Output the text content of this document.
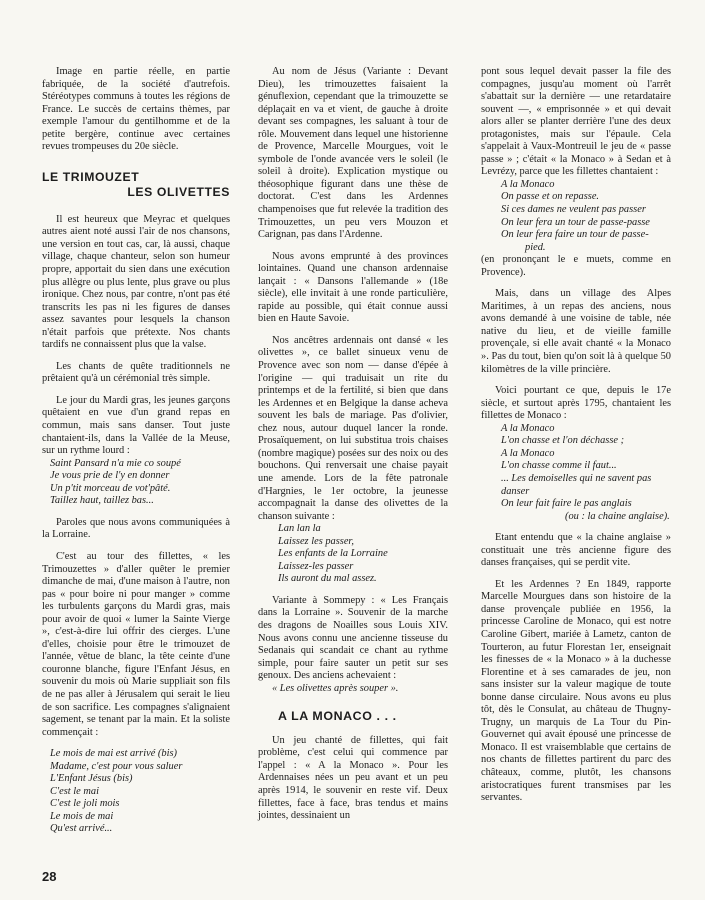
Image en partie réelle, en partie fabriquée, de la société d'autrefois. Stéréotypes communs à toutes les régions de France. Le succès de certains thèmes, par exemple l'amour du gentilhomme et de la petite bergère, continue avec certaines revues trompeuses du 20e siècle.

LE TRIMOUZET
LES OLIVETTES

Il est heureux que Meyrac et quelques autres aient noté aussi l'air de nos chansons, une version en tout cas, car, là aussi, chaque village, chaque chanteur, selon son humeur propre, apportait du sien dans une exécution plus allègre ou plus lente, plus grave ou plus ironique. Chez nous, par contre, n'ont pas été transcrits les pas ni les figures de danses assez savantes pour lesquels la chanson n'était parfois que prétexte. Nos chants tardifs ne connaissent plus que la valse.

Les chants de quête traditionnels ne prêtaient qu'à un cérémonial très simple.

Le jour du Mardi gras, les jeunes garçons quêtaient en vue d'un grand repas en commun, mais sans danser. Tout juste chantaient-ils, dans la Vallée de la Meuse, sur un rythme lourd :

Saint Pansard n'a mie co soupé
Je vous prie de l'y en donner
Un p'tit morceau de vot'pâté.
Taillez haut, taillez bas...

Paroles que nous avons communiquées à la Lorraine.

C'est au tour des fillettes, « les Trimouzettes » d'aller quêter le premier dimanche de mai, d'une maison à l'autre, non pas « pour boire ni pour manger » comme les turbulents garçons du Mardi gras, mais pour avoir de quoi « lumer la Sainte Vierge », c'est-à-dire lui offrir des cierges. L'une d'elles, choisie pour être le trimouzet de l'année, vêtue de blanc, la tête ceinte d'une couronne blanche, figure l'Enfant Jésus, en souvenir du mois où Marie suppliait son fils de ne pas aller à Jérusalem qui serait le lieu de son sacrifice. Les compagnes s'alignaient sagement, se tenant par la main. Et la soliste commençait :

Le mois de mai est arrivé (bis)
Madame, c'est pour vous saluer
L'Enfant Jésus (bis)
C'est le mai
C'est le joli mois
Le mois de mai
Qu'est arrivé...

Au nom de Jésus (Variante : Devant Dieu), les trimouzettes faisaient la génuflexion, cependant que la trimouzette se déplaçait en va et vient, de gauche à droite devant ses compagnes, les saluant à tour de rôle. Mouvement dans lequel une historienne de Provence, Marcelle Mourgues, voit le symbole de l'onde avancée vers le soleil (le soleil à droite). Explication mystique ou théosophique figurant dans une thèse de doctorat. C'est dans les Ardennes champenoises que fut relevée la tradition des Trimouzettes, un peu vers Mouzon et Carignan, pas dans l'Ardenne.

Nous avons emprunté à des provinces lointaines. Quand une chanson ardennaise lançait : « Dansons l'allemande » (18e siècle), elle invitait à une ronde particulière, rapide au possible, qui était connue aussi bien en Haute Savoie.

Nos ancêtres ardennais ont dansé « les olivettes », ce ballet sinueux venu de Provence avec son nom — danse d'épée à l'origine — qui traduisait un rite du printemps et de la fertilité, si bien que dans les Ardennes et en Belgique la danse acheva souvent les bals de mariage. Pas d'olivier, chez nous, autour duquel lancer la ronde. Prosaïquement, on lui substitua trois chaises (nombre magique) posées sur des noix ou des bouchons. Qui renversait une chaise payait une amende. Lors de la fête patronale d'Hargnies, le 1er octobre, la jeunesse accompagnait la danse des olivettes de la chanson suivante :

Lan lan la
Laissez les passer,
Les enfants de la Lorraine
Laissez-les passer
Ils auront du mal assez.

Variante à Sommepy : « Les Français dans la Lorraine ». Souvenir de la marche des dragons de Noailles sous Louis XIV. Nous avons connu une ancienne tisseuse du Sedanais qui scandait ce chant au rythme simple, pour faire sauter un petit sur ses genoux. Des anciens achevaient :

« Les olivettes après souper ».

A LA MONACO . . .

Un jeu chanté de fillettes, qui fait problème, c'est celui qui commence par l'appel : « A la Monaco ». Pour les Ardennaises nées un peu avant et un peu après 1914, le souvenir en reste vif. Deux fillettes, face à face, bras tendus et mains jointes, dessinaient un

pont sous lequel devait passer la file des compagnes, jusqu'au moment où l'arrêt s'abattait sur la dernière — une retardataire souvent —, « emprisonnée » et qui devait alors aller se planter derrière l'une des deux protagonistes, mais sur l'épaule. Cela s'appelait à Vaux-Montreuil le jeu de « passe passe » ; c'était « la Monaco » à Sedan et à Levrézy, parce que les fillettes chantaient :

A la Monaco
On passe et on repasse.
Si ces dames ne veulent pas passer
On leur fera un tour de passe-passe
On leur fera faire un tour de passe-
pied.

(en prononçant le e muets, comme en Provence).

Mais, dans un village des Alpes Maritimes, à un repas des anciens, nous avons demandé à une voisine de table, née native du lieu, et de vieille famille provençale, si elle avait chanté « la Monaco ». Pas du tout, bien qu'on soit là à quelque 50 kilomètres de la ville princière.

Voici pourtant ce que, depuis le 17e siècle, et surtout après 1795, chantaient les fillettes de Monaco :

A la Monaco
L'on chasse et l'on déchasse ;
A la Monaco
L'on chasse comme il faut...
... Les demoiselles qui ne savent pas
danser
On leur fait faire le pas anglais
(ou : la chaine anglaise).

Etant entendu que « la chaine anglaise » constituait une très ancienne figure des danses françaises, qui se perdit vite.

Et les Ardennes ? En 1849, rapporte Marcelle Mourgues dans son histoire de la danse provençale publiée en 1956, la princesse Caroline de Monaco, qui est notre Caroline Gibert, mariée à Lametz, canton de Tourteron, au futur Florestan 1er, enseignait les finesses de « la Monaco » à la duchesse Florentine et à ses camarades de jeu, non sans insister sur la valeur magique de toute bonne danse circulaire. Nous avons eu plus tôt, dès le Consulat, au château de Thugny-Trugny, un marquis de La Tour du Pin-Gouvernet qui avait épousé une princesse de Monaco. Il est vraisemblable que certains de nos chants de fillettes partirent du parc des châteaux, comme, plutôt, les chansons aristocratiques furent transmises par les servantes.

28
